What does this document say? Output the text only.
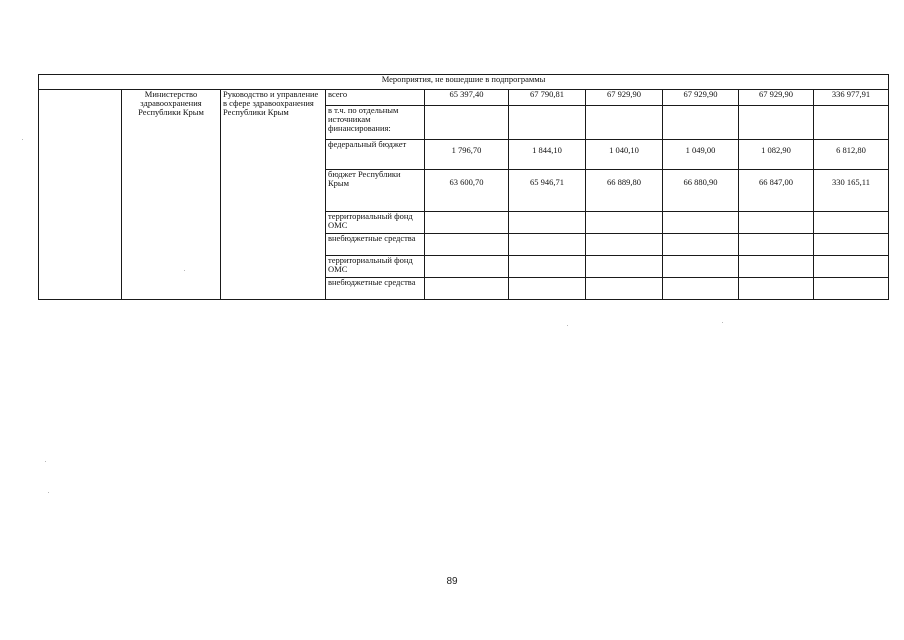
Мероприятия, не вошедшие в подпрограммы									
	Министерство здравоохранения Республики Крым	Руководство и управление в сфере здравоохранения Республики Крым	всего	65 397,40	67 790,81	67 929,90	67 929,90	67 929,90	336 977,91
			в т.ч. по отдельным источникам финансирования:						
			федеральный бюджет	1 796,70	1 844,10	1 040,10	1 049,00	1 082,90	6 812,80
			бюджет Республики Крым	63 600,70	65 946,71	66 889,80	66 880,90	66 847,00	330 165,11
			территориальный фонд ОМС						
			внебюджетные средства						
			территориальный фонд ОМС						
			внебюджетные средства						
89
